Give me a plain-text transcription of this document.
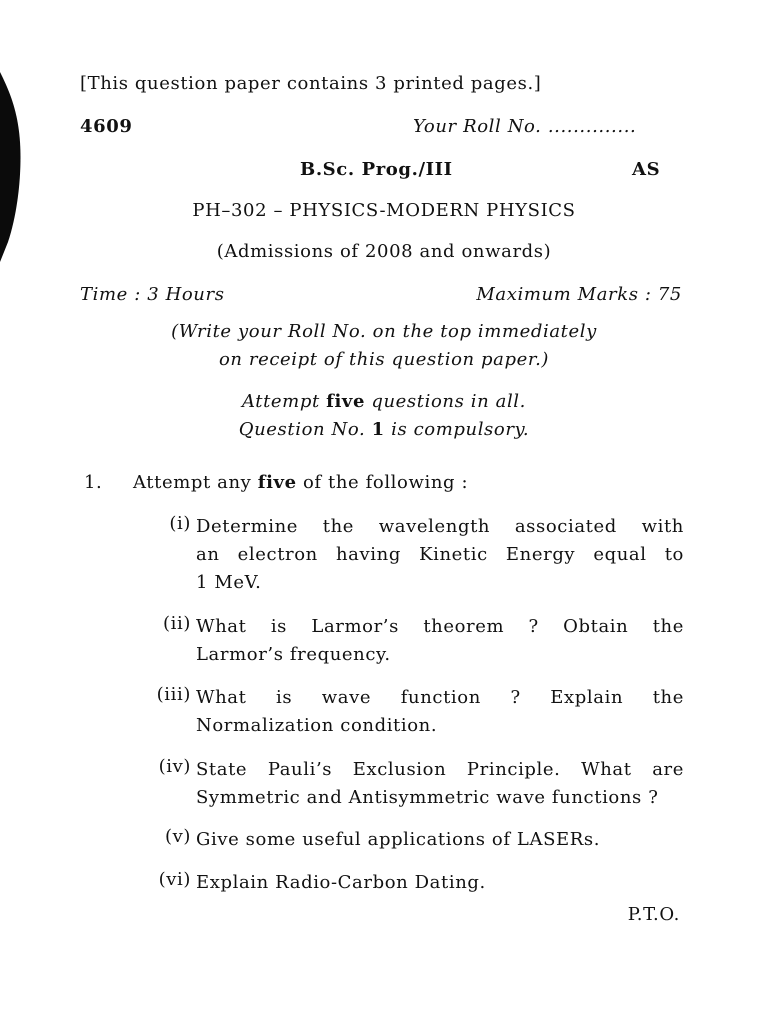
[This question paper contains 3 printed pages.]
4609	Your Roll No. ..............
B.Sc. Prog./III	AS
PH–302 – PHYSICS-MODERN PHYSICS
(Admissions of 2008 and onwards)
Time : 3 Hours	Maximum Marks : 75
(Write your Roll No. on the top immediately
on receipt of this question paper.)
Attempt five questions in all.
Question No. 1 is compulsory.
1. Attempt any five of the following :
(i) Determine the wavelength associated with
an electron having Kinetic Energy equal to
1 MeV.
(ii) What is Larmor’s theorem ? Obtain the
Larmor’s frequency.
(iii) What is wave function ? Explain the
Normalization condition.
(iv) State Pauli’s Exclusion Principle. What are
Symmetric and Antisymmetric wave functions ?
(v) Give some useful applications of LASERs.
(vi) Explain Radio-Carbon Dating.
P.T.O.
